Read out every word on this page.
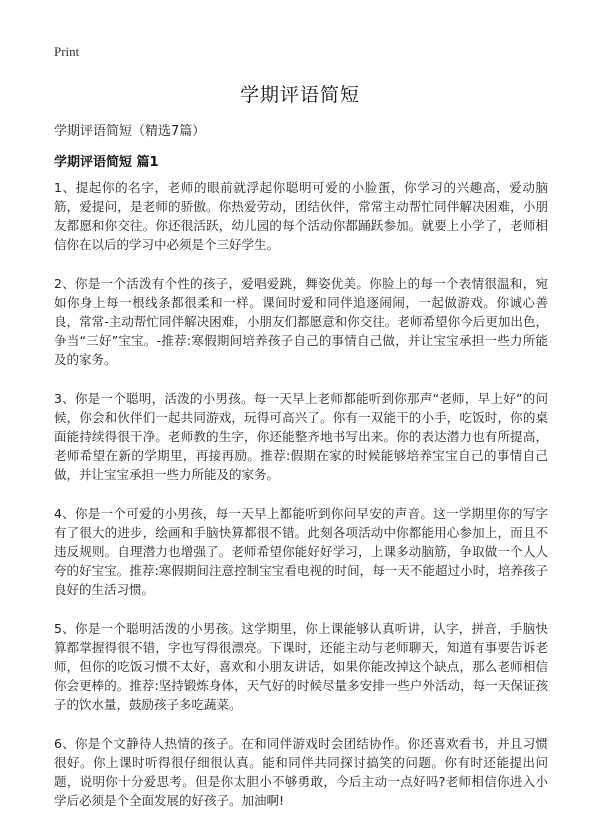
Print
学期评语简短
学期评语简短（精选7篇）
学期评语简短 篇1

1、提起你的名字，老师的眼前就浮起你聪明可爱的小脸蛋，你学习的兴趣高，爱动脑筋，爱提问，是老师的骄傲。你热爱劳动，团结伙伴，常常主动帮忙同伴解决困难，小朋友都愿和你交往。你还很活跃，幼儿园的每个活动你都踊跃参加。就要上小学了，老师相信你在以后的学习中必须是个三好学生。

2、你是一个活泼有个性的孩子，爱唱爱跳，舞姿优美。你脸上的每一个表情很温和，宛如你身上每一根线条都很柔和一样。课间时爱和同伴追逐闹闹，一起做游戏。你诚心善良，常常-主动帮忙同伴解决困难，小朋友们都愿意和你交往。老师希望你今后更加出色，争当“三好”宝宝。-推荐:寒假期间培养孩子自己的事情自己做，并让宝宝承担一些力所能及的家务。

3、你是一个聪明，活泼的小男孩。每一天早上老师都能听到你那声“老师，早上好”的问候，你会和伙伴们一起共同游戏，玩得可高兴了。你有一双能干的小手，吃饭时，你的桌面能持续得很干净。老师教的生字，你还能整齐地书写出来。你的表达潜力也有所提高，老师希望在新的学期里，再接再励。推荐:假期在家的时候能够培养宝宝自己的事情自己做，并让宝宝承担一些力所能及的家务。

4、你是一个可爱的小男孩，每一天早上都能听到你问早安的声音。这一学期里你的写字有了很大的进步，绘画和手脑快算都很不错。此刻各项活动中你都能用心参加上，而且不违反规则。自理潜力也增强了。老师希望你能好好学习，上课多动脑筋，争取做一个人人夸的好宝宝。推荐:寒假期间注意控制宝宝看电视的时间，每一天不能超过小时，培养孩子良好的生活习惯。

5、你是一个聪明活泼的小男孩。这学期里，你上课能够认真听讲，认字，拼音，手脑快算都掌握得很不错，字也写得很漂亮。下课时，还能主动与老师聊天，知道有事要告诉老师，但你的吃饭习惯不太好，喜欢和小朋友讲话，如果你能改掉这个缺点，那么老师相信你会更棒的。推荐:坚持锻炼身体，天气好的时候尽量多安排一些户外活动，每一天保证孩子的饮水量，鼓励孩子多吃蔬菜。

6、你是个文静待人热情的孩子。在和同伴游戏时会团结协作。你还喜欢看书，并且习惯很好。你上课时听得很仔细很认真。能和同伴共同探讨搞笑的问题。你有时还能提出问题，说明你十分爱思考。但是你太胆小不够勇敢，今后主动一点好吗?老师相信你进入小学后必须是个全面发展的好孩子。加油啊!
